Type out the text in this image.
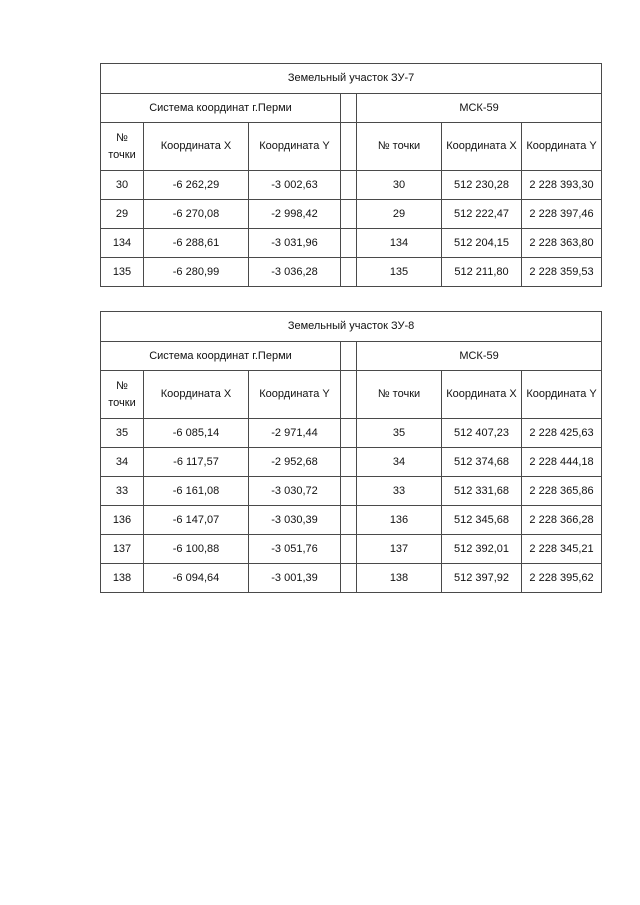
Земельный участок ЗУ-7						
Система координат г.Перми				МСК-59		
№ точки	Координата X	Координата Y		№ точки	Координата X	Координата Y
30	-6 262,29	-3 002,63		30	512 230,28	2 228 393,30
29	-6 270,08	-2 998,42		29	512 222,47	2 228 397,46
134	-6 288,61	-3 031,96		134	512 204,15	2 228 363,80
135	-6 280,99	-3 036,28		135	512 211,80	2 228 359,53
Земельный участок ЗУ-8						
Система координат г.Перми				МСК-59		
№ точки	Координата X	Координата Y		№ точки	Координата X	Координата Y
35	-6 085,14	-2 971,44		35	512 407,23	2 228 425,63
34	-6 117,57	-2 952,68		34	512 374,68	2 228 444,18
33	-6 161,08	-3 030,72		33	512 331,68	2 228 365,86
136	-6 147,07	-3 030,39		136	512 345,68	2 228 366,28
137	-6 100,88	-3 051,76		137	512 392,01	2 228 345,21
138	-6 094,64	-3 001,39		138	512 397,92	2 228 395,62
